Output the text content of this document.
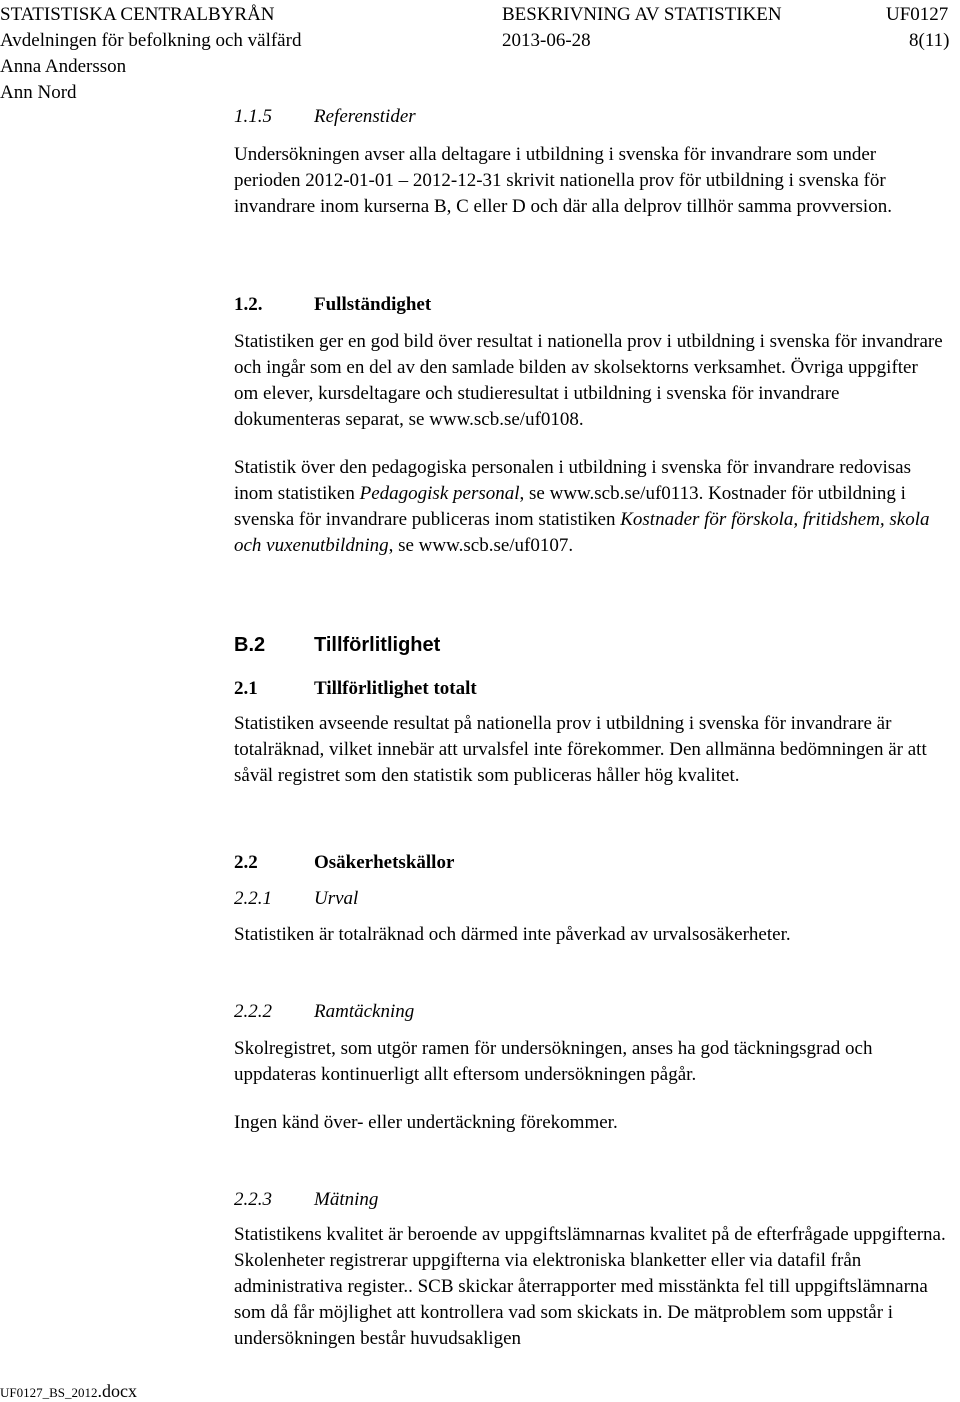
STATISTISKA CENTRALBYRÅN	BESKRIVNING AV STATISTIKEN	UF0127
Avdelningen för befolkning och välfärd	2013-06-28	8(11)
Anna Andersson
Ann Nord
1.1.5 Referenstider
Undersökningen avser alla deltagare i utbildning i svenska för invandrare som under perioden 2012-01-01 – 2012-12-31 skrivit nationella prov för utbildning i svenska för invandrare inom kurserna B, C eller D och där alla delprov tillhör samma provversion.
1.2.	Fullständighet
Statistiken ger en god bild över resultat i nationella prov i utbildning i svenska för invandrare och ingår som en del av den samlade bilden av skolsektorns verksamhet. Övriga uppgifter om elever, kursdeltagare och studieresultat i utbildning i svenska för invandrare dokumenteras separat, se www.scb.se/uf0108.
Statistik över den pedagogiska personalen i utbildning i svenska för invandrare redovisas inom statistiken Pedagogisk personal, se www.scb.se/uf0113. Kostnader för utbildning i svenska för invandrare publiceras inom statistiken Kostnader för förskola, fritidshem, skola och vuxenutbildning, se www.scb.se/uf0107.
B.2 Tillförlitlighet
2.1	Tillförlitlighet totalt
Statistiken avseende resultat på nationella prov i utbildning i svenska för invandrare är totalräknad, vilket innebär att urvalsfel inte förekommer. Den allmänna bedömningen är att såväl registret som den statistik som publiceras håller hög kvalitet.
2.2	Osäkerhetskällor
2.2.1 Urval
Statistiken är totalräknad och därmed inte påverkad av urvalsosäkerheter.
2.2.2 Ramtäckning
Skolregistret, som utgör ramen för undersökningen, anses ha god täckningsgrad och uppdateras kontinuerligt allt eftersom undersökningen pågår.
Ingen känd över- eller undertäckning förekommer.
2.2.3 Mätning
Statistikens kvalitet är beroende av uppgiftslämnarnas kvalitet på de efterfrågade uppgifterna. Skolenheter registrerar uppgifterna via elektroniska blanketter eller via datafil från administrativa register.. SCB skickar återrapporter med misstänkta fel till uppgiftslämnarna som då får möjlighet att kontrollera vad som skickats in. De mätproblem som uppstår i undersökningen består huvudsakligen
UF0127_BS_2012.docx
